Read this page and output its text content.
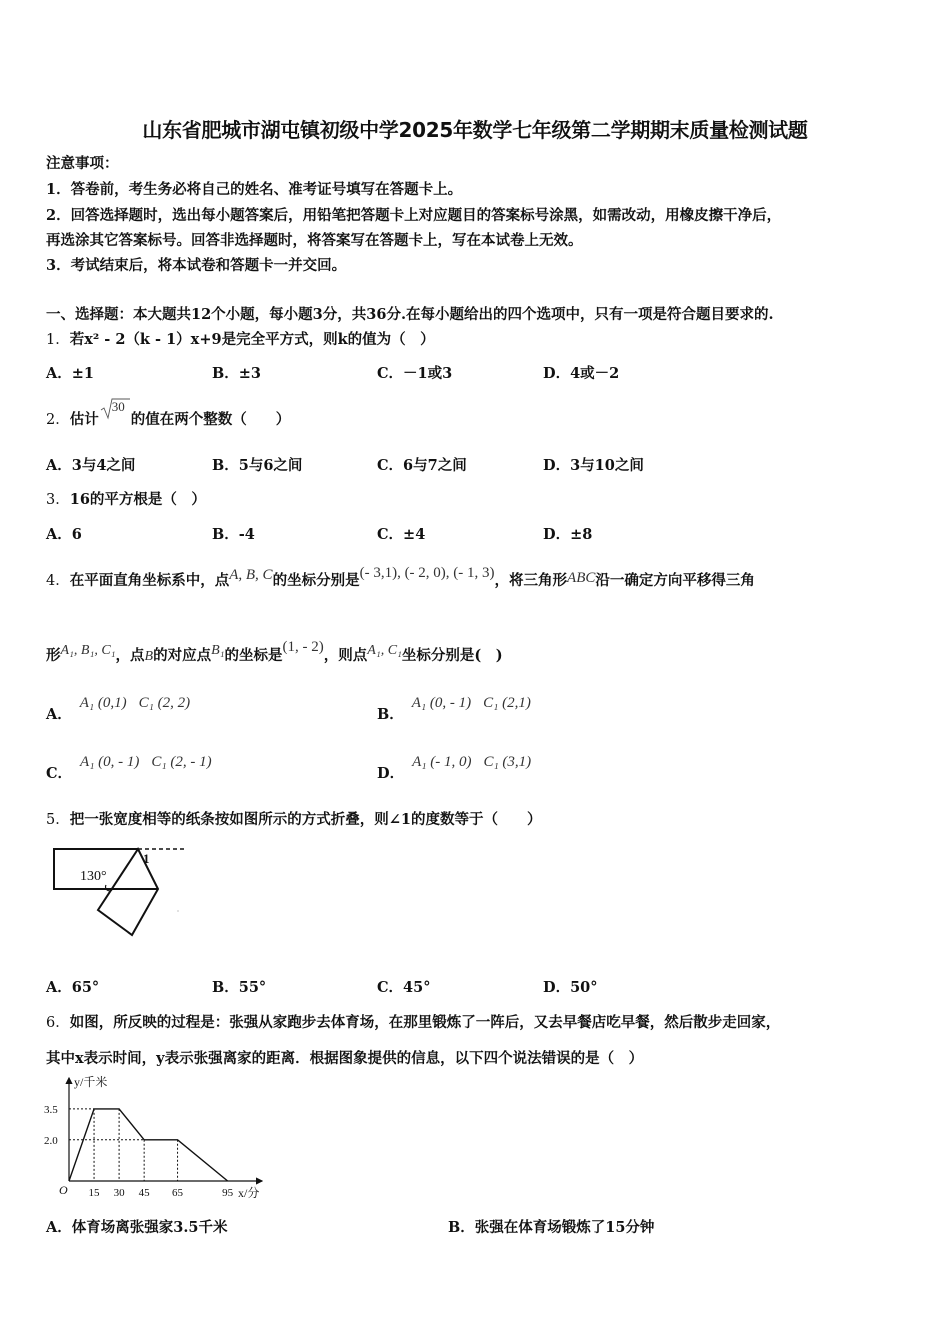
山东省肥城市湖屯镇初级中学2025年数学七年级第二学期期末质量检测试题
注意事项：
1．答卷前，考生务必将自己的姓名、准考证号填写在答题卡上。
2．回答选择题时，选出每小题答案后，用铅笔把答题卡上对应题目的答案标号涂黑，如需改动，用橡皮擦干净后，
再选涂其它答案标号。回答非选择题时，将答案写在答题卡上，写在本试卷上无效。
3．考试结束后，将本试卷和答题卡一并交回。
一、选择题：本大题共12个小题，每小题3分，共36分.在每小题给出的四个选项中，只有一项是符合题目要求的.
1．若x² - 2（k - 1）x+9是完全平方式，则k的值为（　）
A．±1	B．±3	C．－1或3	D．4或－2
2．估计
30
的值在两个整数（　　）
A．3与4之间	B．5与6之间	C．6与7之间	D．3与10之间
3．16的平方根是（　）
A．6	B．-4	C．±4	D．±8
4．在平面直角坐标系中，点A, B, C的坐标分别是(- 3,1), (- 2, 0), (- 1, 3)，将三角形ABC沿一确定方向平移得三角
形A₁, B₁, C₁，点B的对应点B₁的坐标是(1, - 2)，则点A₁, C₁坐标分别是(　)
A．A₁ (0,1) C₁ (2, 2)
B．A₁ (0, - 1) C₁ (2,1)
C．A₁ (0, - 1) C₁ (2, - 1)
D．A₁ (- 1, 0) C₁ (3,1)
5．把一张宽度相等的纸条按如图所示的方式折叠，则∠1的度数等于（　　）
130°
1
A．65°	B．55°	C．45°	D．50°
6．如图，所反映的过程是：张强从家跑步去体育场，在那里锻炼了一阵后，又去早餐店吃早餐，然后散步走回家，
其中x表示时间，y表示张强离家的距离．根据图象提供的信息，以下四个说法错误的是（　）
y/千米
x/分
O
3.5
2.0
15 30 45 65	95
A．体育场离张强家3.5千米	B．张强在体育场锻炼了15分钟
